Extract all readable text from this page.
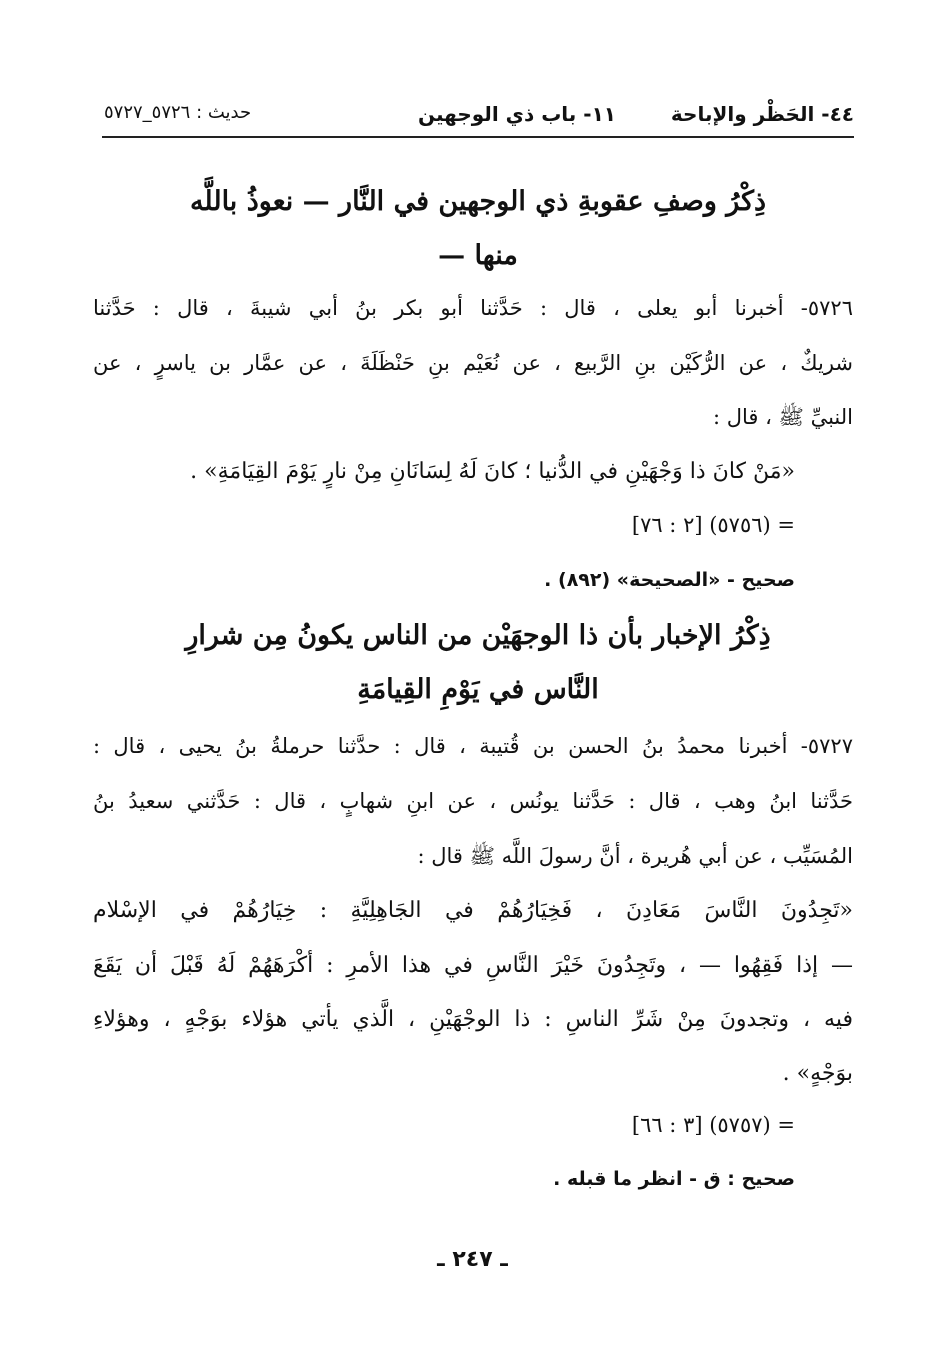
٤٤- الحَظْر والإباحة
١١- باب ذي الوجهين
حديث : ٥٧٢٦_٥٧٢٧
ذِكْرُ وصفِ عقوبةِ ذي الوجهين في النَّار — نعوذُ باللَّه
منها —
٥٧٢٦- أخبرنا أبو يعلى ، قال : حَدَّثنا أبو بكر بنُ أبي شيبةَ ، قال : حَدَّثنا
شريكٌ ، عن الرُّكَيْن بنِ الرَّبيع ، عن نُعَيْم بنِ حَنْظَلَةَ ، عن عمَّار بن ياسرٍ ، عن
النبيِّ ﷺ ، قال :
«مَنْ كانَ ذا وَجْهَيْنِ في الدُّنيا ؛ كانَ لَهُ لِسَانَانِ مِنْ نارٍ يَوْمَ القِيَامَةِ» .
= (٥٧٥٦) [٢ : ٧٦]
صحيح - «الصحيحة» (٨٩٢) .
ذِكْرُ الإخبار بأن ذا الوجهَيْن من الناس يكونُ مِن شرارِ
النَّاس في يَوْمِ القِيامَةِ
٥٧٢٧- أخبرنا محمدُ بنُ الحسن بن قُتيبة ، قال : حدَّثنا حرملةُ بنُ يحيى ، قال :
حَدَّثنا ابنُ وهب ، قال : حَدَّثنا يونُس ، عن ابنِ شهابٍ ، قال : حَدَّثني سعيدُ بنُ
المُسَيِّب ، عن أبي هُريرة ، أنَّ رسولَ اللَّه ﷺ قال :
«تَجِدُونَ النَّاسَ مَعَادِنَ ، فَخِيَارُهُمْ في الجَاهِلِيَّةِ : خِيَارُهُمْ في الإسْلام
— إذا فَقِهُوا — ، وتَجِدُونَ خَيْرَ النَّاسِ في هذا الأمرِ : أكْرَهَهُمْ لَهُ قَبْلَ أن يَقَعَ
فيه ، وتجدونَ مِنْ شَرِّ الناسِ : ذا الوجْهَيْنِ ، الَّذي يأتي هؤلاء بوَجْهٍ ، وهؤلاءِ
بوَجْهٍ» .
= (٥٧٥٧) [٣ : ٦٦]
صحيح : ق - انظر ما قبله .
ـ ٢٤٧ ـ
